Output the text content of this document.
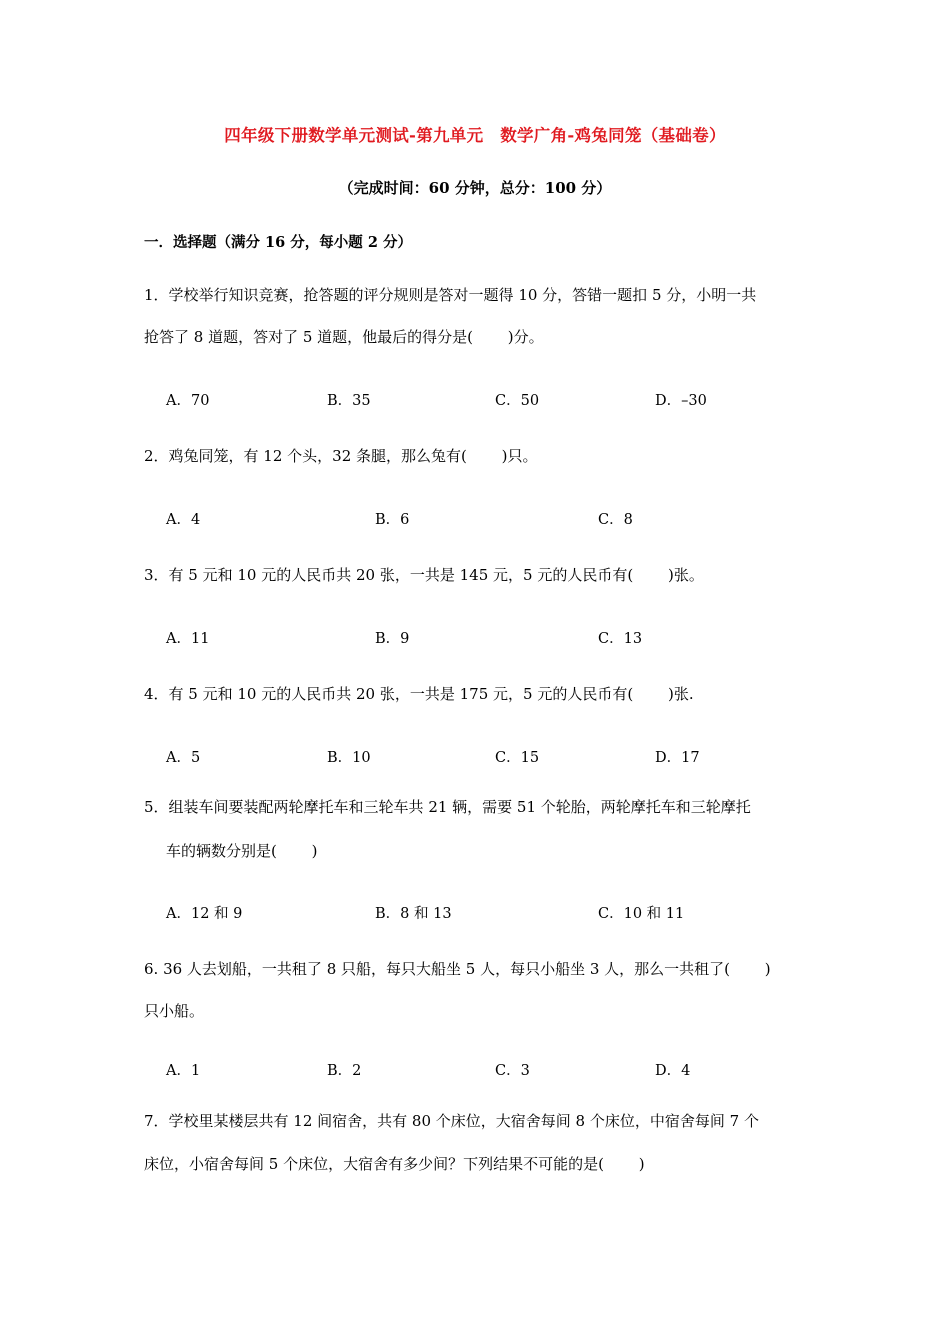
四年级下册数学单元测试-第九单元　数学广角-鸡兔同笼（基础卷）
（完成时间：60 分钟，总分：100 分）
一．选择题（满分 16 分，每小题 2 分）
1．学校举行知识竞赛，抢答题的评分规则是答对一题得 10 分，答错一题扣 5 分，小明一共
抢答了 8 道题，答对了 5 道题，他最后的得分是(　　 )分。
A．70	B．35	C．50	D．–30
2．鸡兔同笼，有 12 个头，32 条腿，那么兔有(　　 )只。
A．4	B．6	C．8
3．有 5 元和 10 元的人民币共 20 张，一共是 145 元，5 元的人民币有(　　 )张。
A．11	B．9	C．13
4．有 5 元和 10 元的人民币共 20 张，一共是 175 元，5 元的人民币有(　　 )张.
A．5	B．10	C．15	D．17
5．组装车间要装配两轮摩托车和三轮车共 21 辆，需要 51 个轮胎，两轮摩托车和三轮摩托
车的辆数分别是(　　 )
A．12 和 9	B．8 和 13	C．10 和 11
6. 36 人去划船，一共租了 8 只船，每只大船坐 5 人，每只小船坐 3 人，那么一共租了(　　 )
只小船。
A．1	B．2	C．3	D．4
7．学校里某楼层共有 12 间宿舍，共有 80 个床位，大宿舍每间 8 个床位，中宿舍每间 7 个
床位，小宿舍每间 5 个床位，大宿舍有多少间？下列结果不可能的是(　　 )
